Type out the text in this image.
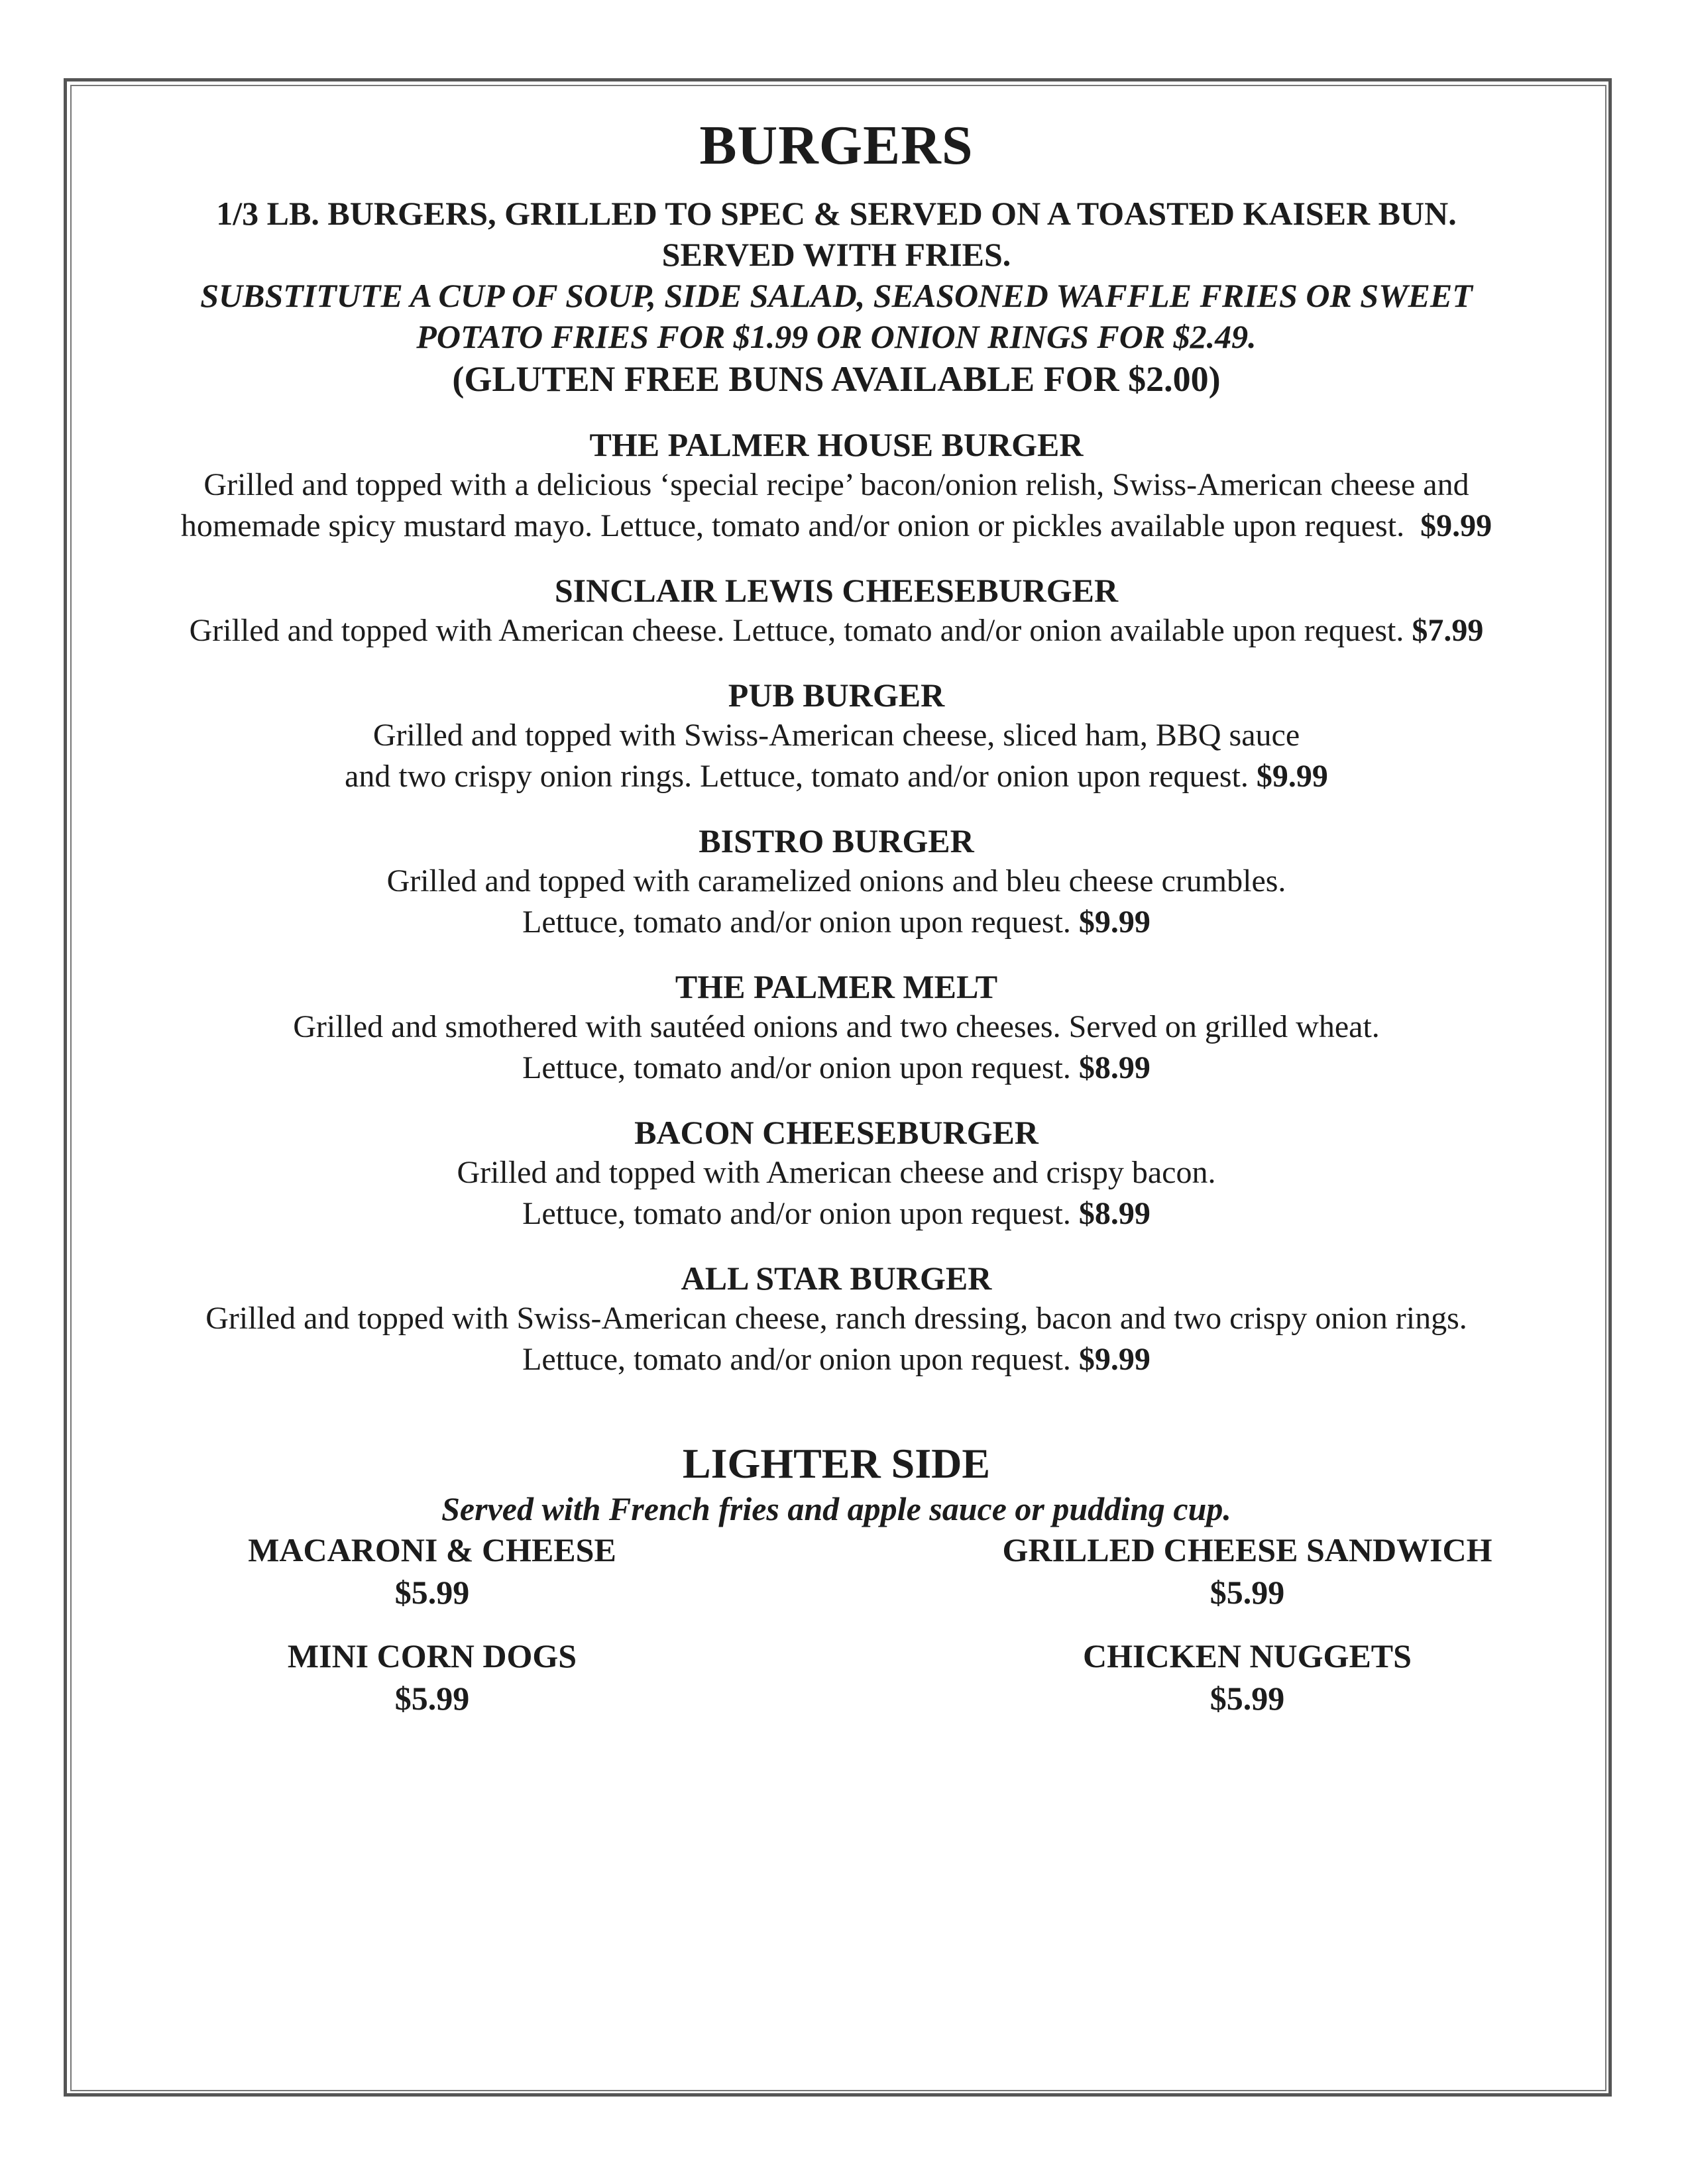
BURGERS
1/3 LB. BURGERS, GRILLED TO SPEC & SERVED ON A TOASTED KAISER BUN.
SERVED WITH FRIES.
SUBSTITUTE A CUP OF SOUP, SIDE SALAD, SEASONED WAFFLE FRIES OR SWEET
POTATO FRIES FOR $1.99 OR ONION RINGS FOR $2.49.
(GLUTEN FREE BUNS AVAILABLE FOR $2.00)
THE PALMER HOUSE BURGER
Grilled and topped with a delicious ‘special recipe’ bacon/onion relish, Swiss-American cheese and
homemade spicy mustard mayo. Lettuce, tomato and/or onion or pickles available upon request. $9.99
SINCLAIR LEWIS CHEESEBURGER
Grilled and topped with American cheese. Lettuce, tomato and/or onion available upon request. $7.99
PUB BURGER
Grilled and topped with Swiss-American cheese, sliced ham, BBQ sauce
and two crispy onion rings. Lettuce, tomato and/or onion upon request. $9.99
BISTRO BURGER
Grilled and topped with caramelized onions and bleu cheese crumbles.
Lettuce, tomato and/or onion upon request. $9.99
THE PALMER MELT
Grilled and smothered with sautéed onions and two cheeses. Served on grilled wheat.
Lettuce, tomato and/or onion upon request. $8.99
BACON CHEESEBURGER
Grilled and topped with American cheese and crispy bacon.
Lettuce, tomato and/or onion upon request. $8.99
ALL STAR BURGER
Grilled and topped with Swiss-American cheese, ranch dressing, bacon and two crispy onion rings.
Lettuce, tomato and/or onion upon request. $9.99
LIGHTER SIDE
Served with French fries and apple sauce or pudding cup.
MACARONI & CHEESE
$5.99
GRILLED CHEESE SANDWICH
$5.99
MINI CORN DOGS
$5.99
CHICKEN NUGGETS
$5.99
